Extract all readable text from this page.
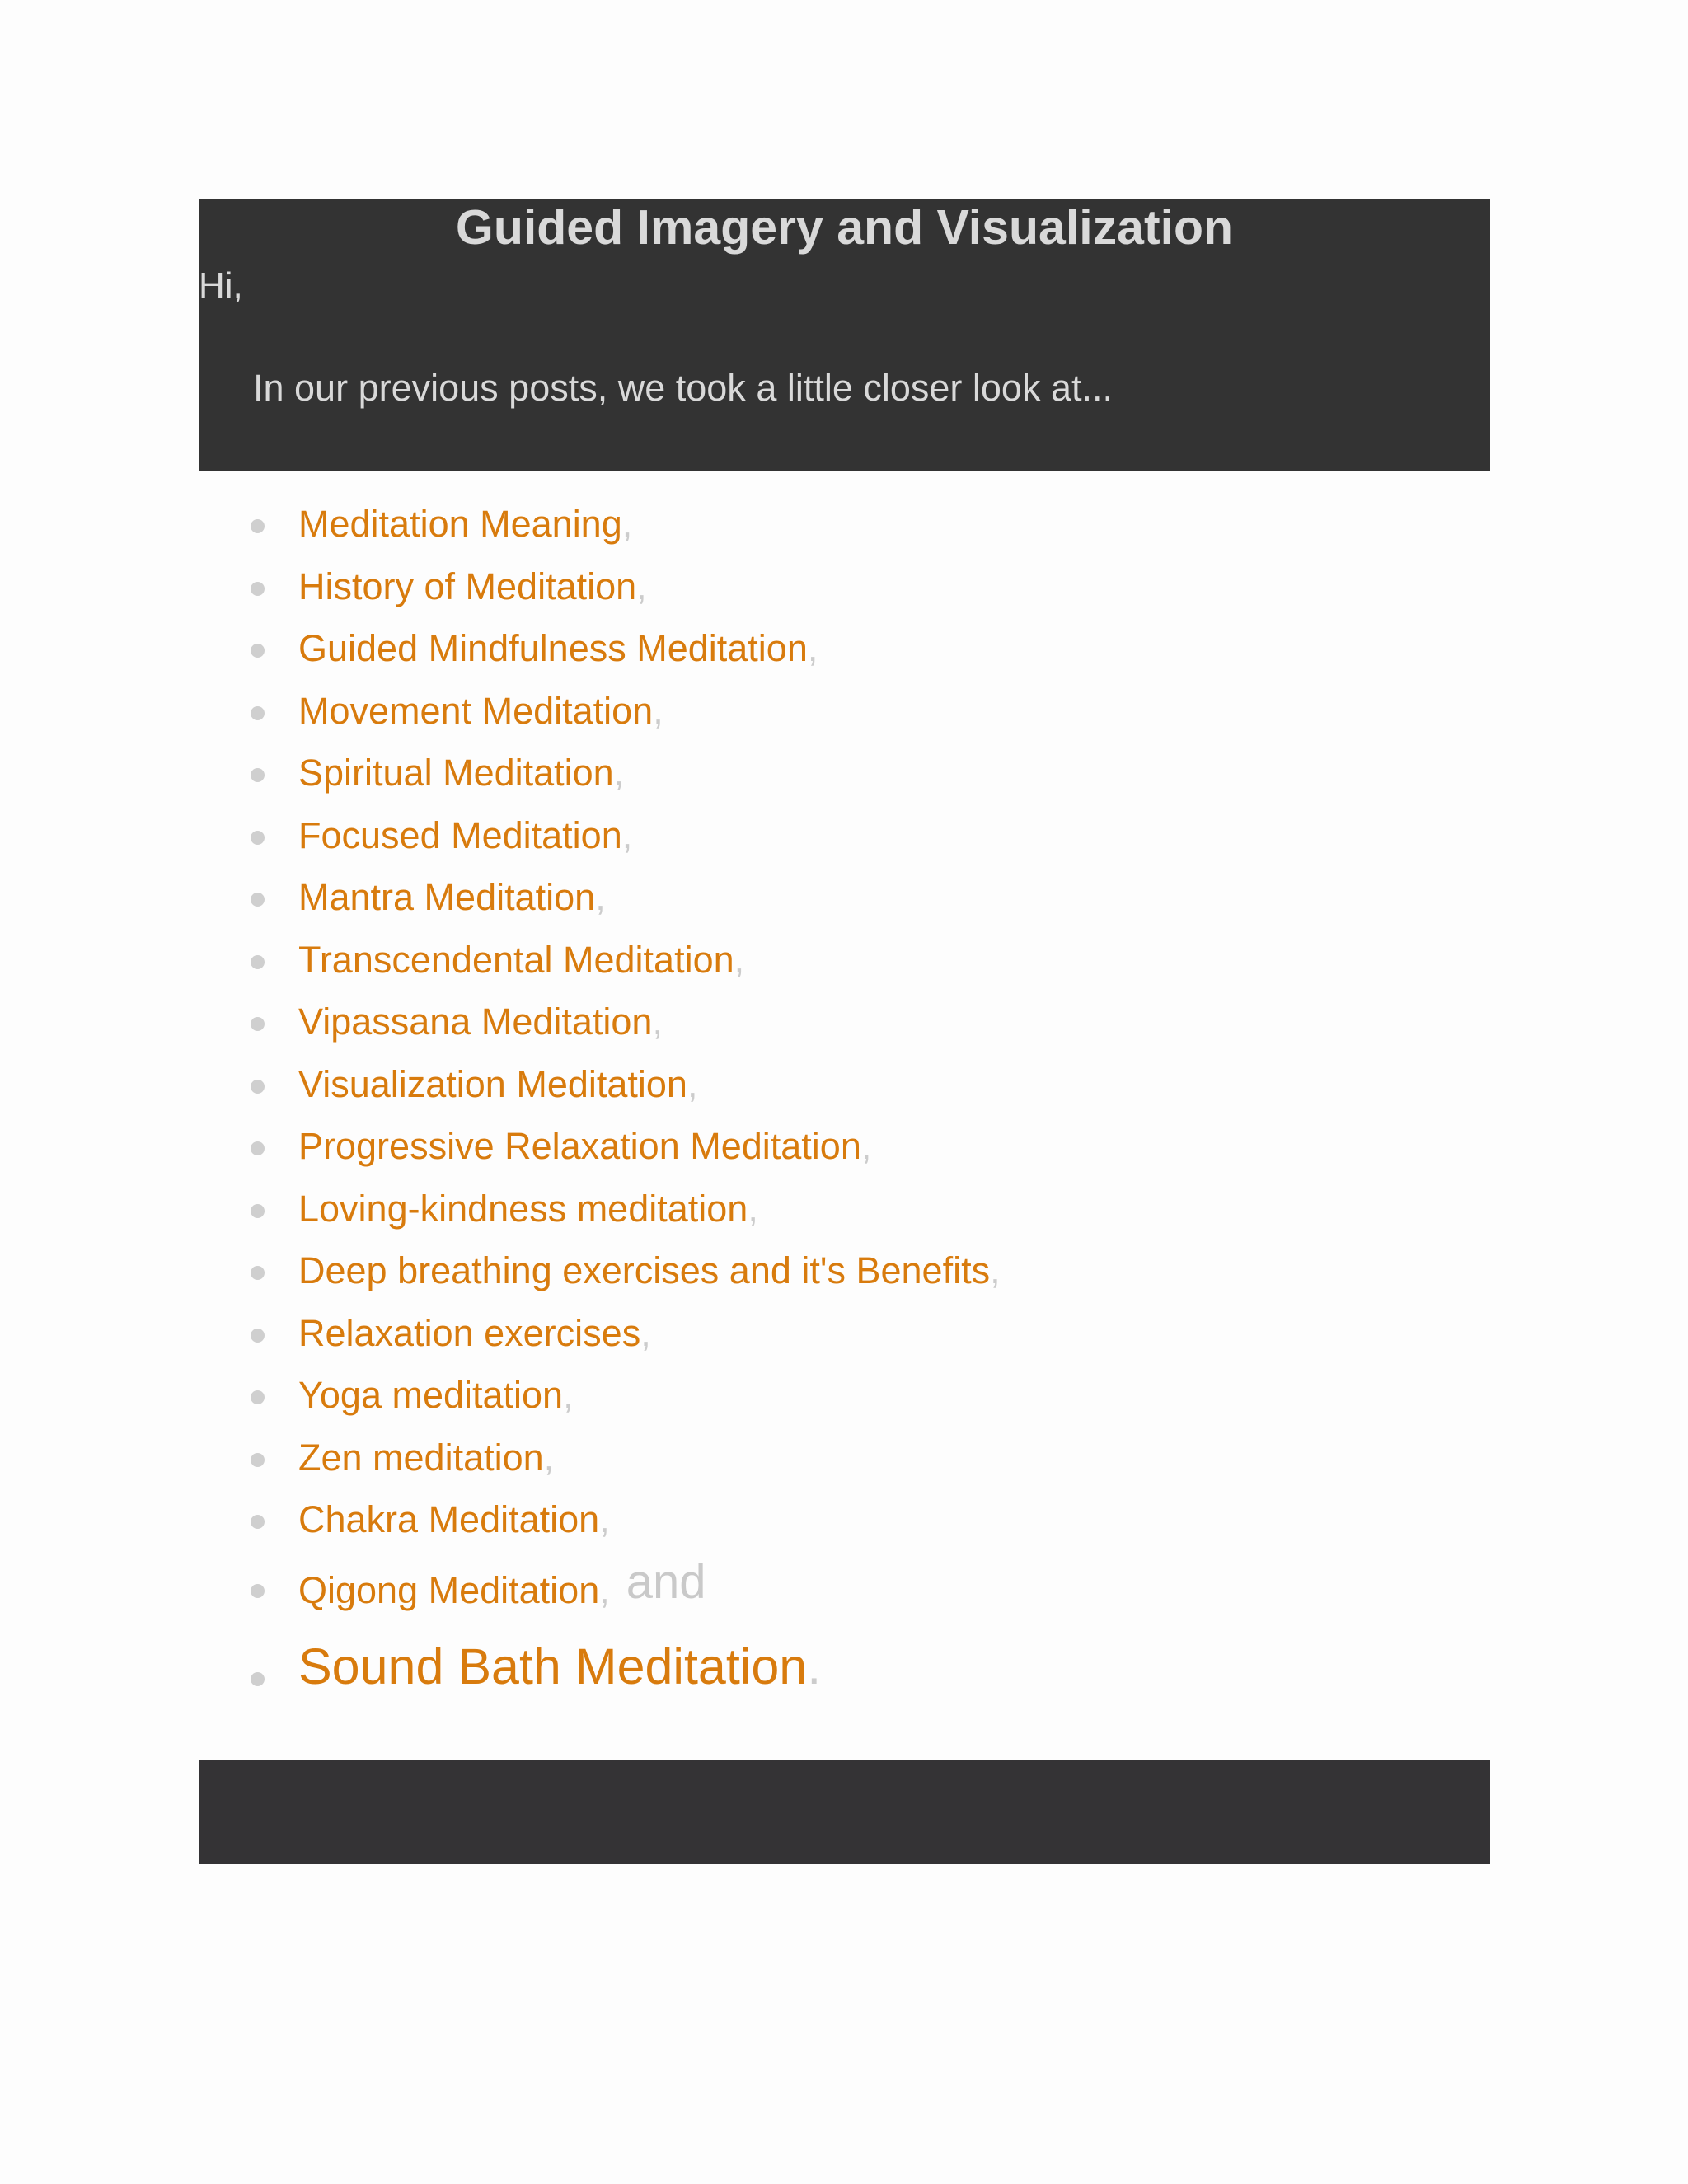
Guided Imagery and Visualization
Hi,
In our previous posts, we took a little closer look at...
Meditation Meaning,
History of Meditation,
Guided Mindfulness Meditation,
Movement Meditation,
Spiritual Meditation,
Focused Meditation,
Mantra Meditation,
Transcendental Meditation,
Vipassana Meditation,
Visualization Meditation,
Progressive Relaxation Meditation,
Loving-kindness meditation,
Deep breathing exercises and it's Benefits,
Relaxation exercises,
Yoga meditation,
Zen meditation,
Chakra Meditation,
Qigong Meditation, and
Sound Bath Meditation.
